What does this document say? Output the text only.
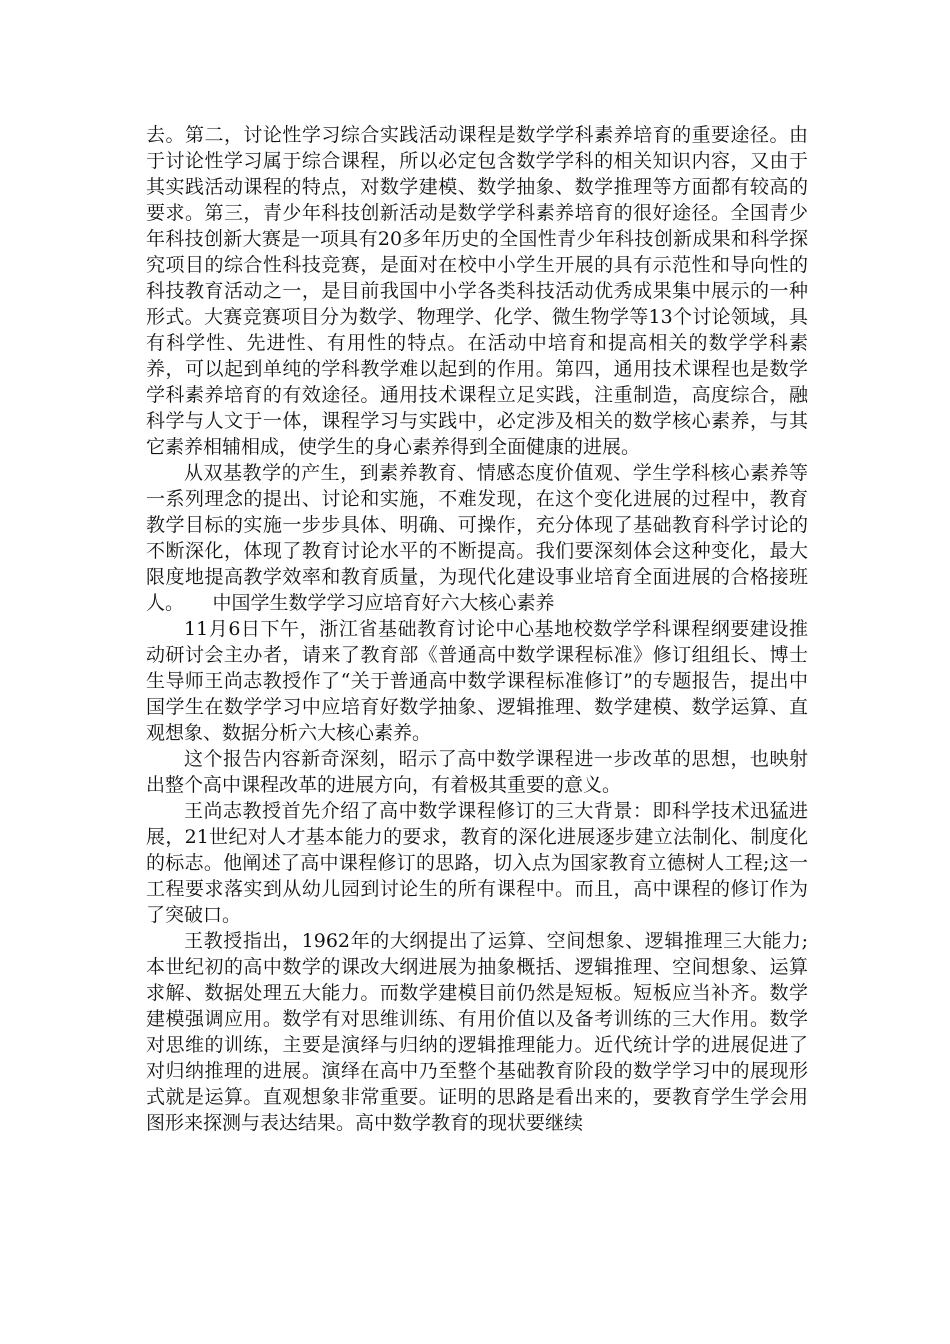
去。第二，讨论性学习综合实践活动课程是数学学科素养培育的重要途径。由于讨论性学习属于综合课程，所以必定包含数学学科的相关知识内容，又由于其实践活动课程的特点，对数学建模、数学抽象、数学推理等方面都有较高的要求。第三，青少年科技创新活动是数学学科素养培育的很好途径。全国青少年科技创新大赛是一项具有20多年历史的全国性青少年科技创新成果和科学探究项目的综合性科技竞赛，是面对在校中小学生开展的具有示范性和导向性的科技教育活动之一，是目前我国中小学各类科技活动优秀成果集中展示的一种形式。大赛竞赛项目分为数学、物理学、化学、微生物学等13个讨论领域，具有科学性、先进性、有用性的特点。在活动中培育和提高相关的数学学科素养，可以起到单纯的学科教学难以起到的作用。第四，通用技术课程也是数学学科素养培育的有效途径。通用技术课程立足实践，注重制造，高度综合，融科学与人文于一体，课程学习与实践中，必定涉及相关的数学核心素养，与其它素养相辅相成，使学生的身心素养得到全面健康的进展。

从双基教学的产生，到素养教育、情感态度价值观、学生学科核心素养等一系列理念的提出、讨论和实施，不难发现，在这个变化进展的过程中，教育教学目标的实施一步步具体、明确、可操作，充分体现了基础教育科学讨论的不断深化，体现了教育讨论水平的不断提高。我们要深刻体会这种变化，最大限度地提高教学效率和教育质量，为现代化建设事业培育全面进展的合格接班人。　　中国学生数学学习应培育好六大核心素养

11月6日下午，浙江省基础教育讨论中心基地校数学学科课程纲要建设推动研讨会主办者，请来了教育部《普通高中数学课程标准》修订组组长、博士生导师王尚志教授作了“关于普通高中数学课程标准修订”的专题报告，提出中国学生在数学学习中应培育好数学抽象、逻辑推理、数学建模、数学运算、直观想象、数据分析六大核心素养。

这个报告内容新奇深刻，昭示了高中数学课程进一步改革的思想，也映射出整个高中课程改革的进展方向，有着极其重要的意义。

王尚志教授首先介绍了高中数学课程修订的三大背景：即科学技术迅猛进展，21世纪对人才基本能力的要求，教育的深化进展逐步建立法制化、制度化的标志。他阐述了高中课程修订的思路，切入点为国家教育立德树人工程;这一工程要求落实到从幼儿园到讨论生的所有课程中。而且，高中课程的修订作为了突破口。

王教授指出，1962年的大纲提出了运算、空间想象、逻辑推理三大能力;本世纪初的高中数学的课改大纲进展为抽象概括、逻辑推理、空间想象、运算求解、数据处理五大能力。而数学建模目前仍然是短板。短板应当补齐。数学建模强调应用。数学有对思维训练、有用价值以及备考训练的三大作用。数学对思维的训练，主要是演绎与归纳的逻辑推理能力。近代统计学的进展促进了对归纳推理的进展。演绎在高中乃至整个基础教育阶段的数学学习中的展现形式就是运算。直观想象非常重要。证明的思路是看出来的，要教育学生学会用图形来探测与表达结果。高中数学教育的现状要继续
